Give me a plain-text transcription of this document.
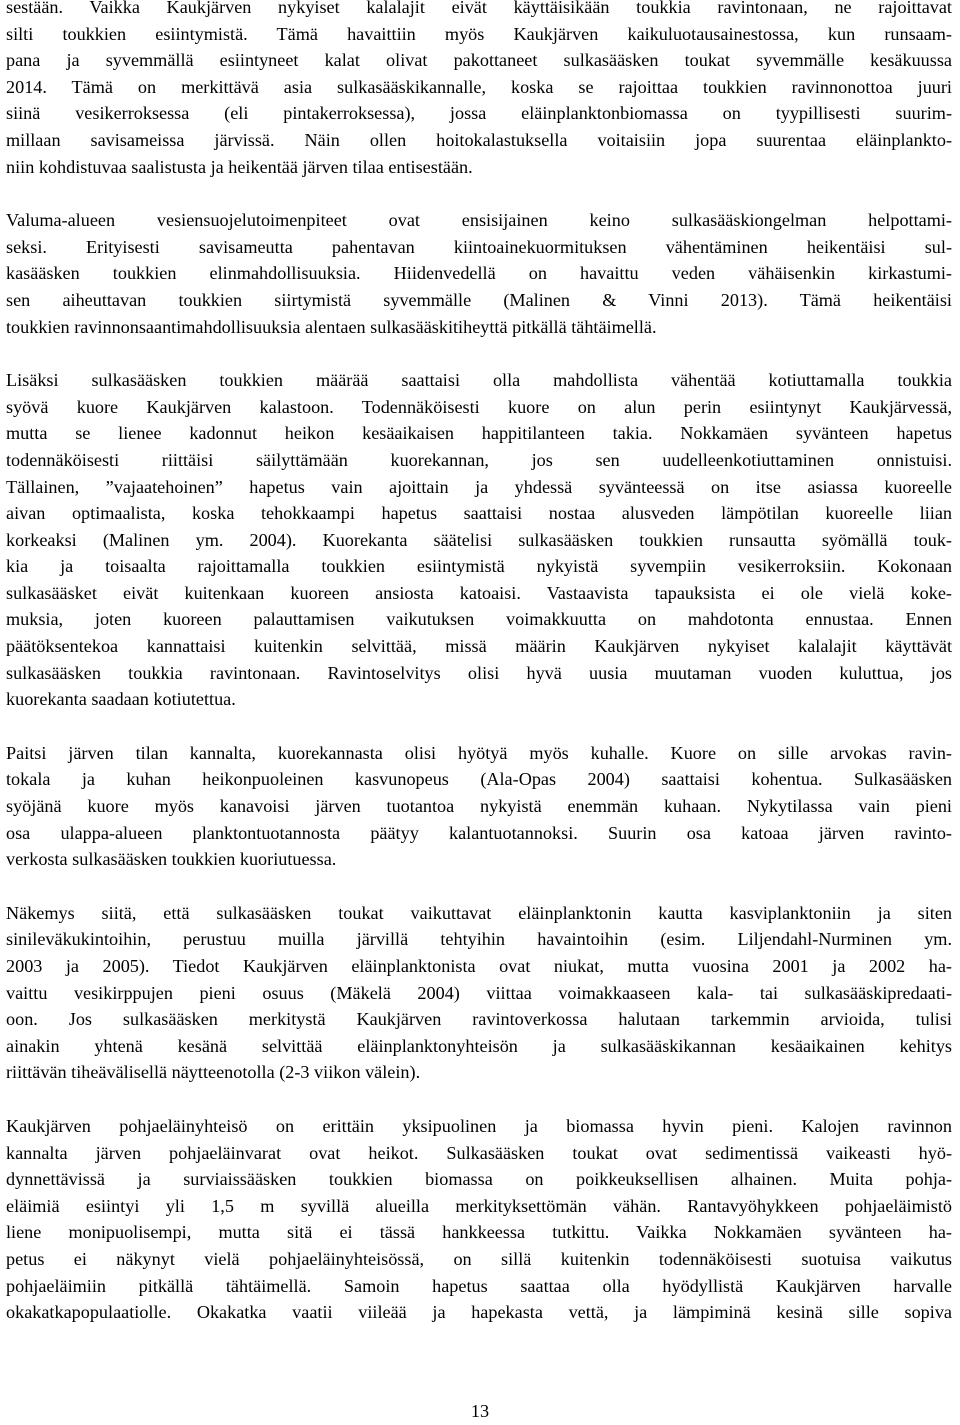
sestään. Vaikka Kaukjärven nykyiset kalalajit eivät käyttäisikään toukkia ravintonaan, ne rajoittavat
silti toukkien esiintymistä. Tämä havaittiin myös Kaukjärven kaikuluotausainestossa, kun runsaam-
pana ja syvemmällä esiintyneet kalat olivat pakottaneet sulkasääsken toukat syvemmälle kesäkuussa
2014. Tämä on merkittävä asia sulkasääskikannalle, koska se rajoittaa toukkien ravinnonottoa juuri
siinä vesikerroksessa (eli pintakerroksessa), jossa eläinplanktonbiomassa on tyypillisesti suurim-
millaan savisameissa järvissä. Näin ollen hoitokalastuksella voitaisiin jopa suurentaa eläinplankto-
niin kohdistuvaa saalistusta ja heikentää järven tilaa entisestään.

Valuma-alueen vesiensuojelutoimenpiteet ovat ensisijainen keino sulkasääskiongelman helpottami-
seksi. Erityisesti savisameutta pahentavan kiintoainekuormituksen vähentäminen heikentäisi sul-
kasääsken toukkien elinmahdollisuuksia. Hiidenvedellä on havaittu veden vähäisenkin kirkastumi-
sen aiheuttavan toukkien siirtymistä syvemmälle (Malinen & Vinni 2013). Tämä heikentäisi
toukkien ravinnonsaantimahdollisuuksia alentaen sulkasääskitiheyttä pitkällä tähtäimellä.

Lisäksi sulkasääsken toukkien määrää saattaisi olla mahdollista vähentää kotiuttamalla toukkia
syövä kuore Kaukjärven kalastoon. Todennäköisesti kuore on alun perin esiintynyt Kaukjärvessä,
mutta se lienee kadonnut heikon kesäaikaisen happitilanteen takia. Nokkamäen syvänteen hapetus
todennäköisesti riittäisi säilyttämään kuorekannan, jos sen uudelleenkotiuttaminen onnistuisi.
Tällainen, ”vajaatehoinen” hapetus vain ajoittain ja yhdessä syvänteessä on itse asiassa kuoreelle
aivan optimaalista, koska tehokkaampi hapetus saattaisi nostaa alusveden lämpötilan kuoreelle liian
korkeaksi (Malinen ym. 2004). Kuorekanta säätelisi sulkasääsken toukkien runsautta syömällä touk-
kia ja toisaalta rajoittamalla toukkien esiintymistä nykyistä syvempiin vesikerroksiin. Kokonaan
sulkasääsket eivät kuitenkaan kuoreen ansiosta katoaisi. Vastaavista tapauksista ei ole vielä koke-
muksia, joten kuoreen palauttamisen vaikutuksen voimakkuutta on mahdotonta ennustaa. Ennen
päätöksentekoa kannattaisi kuitenkin selvittää, missä määrin Kaukjärven nykyiset kalalajit käyttävät
sulkasääsken toukkia ravintonaan. Ravintoselvitys olisi hyvä uusia muutaman vuoden kuluttua, jos
kuorekanta saadaan kotiutettua.

Paitsi järven tilan kannalta, kuorekannasta olisi hyötyä myös kuhalle. Kuore on sille arvokas ravin-
tokala ja kuhan heikonpuoleinen kasvunopeus (Ala-Opas 2004) saattaisi kohentua. Sulkasääsken
syöjänä kuore myös kanavoisi järven tuotantoa nykyistä enemmän kuhaan. Nykytilassa vain pieni
osa ulappa-alueen planktontuotannosta päätyy kalantuotannoksi. Suurin osa katoaa järven ravinto-
verkosta sulkasääsken toukkien kuoriutuessa.

Näkemys siitä, että sulkasääsken toukat vaikuttavat eläinplanktonin kautta kasviplanktoniin ja siten
sinileväkukintoihin, perustuu muilla järvillä tehtyihin havaintoihin (esim. Liljendahl-Nurminen ym.
2003 ja 2005). Tiedot Kaukjärven eläinplanktonista ovat niukat, mutta vuosina 2001 ja 2002 ha-
vaittu vesikirppujen pieni osuus (Mäkelä 2004) viittaa voimakkaaseen kala- tai sulkasääskipredaati-
oon. Jos sulkasääsken merkitystä Kaukjärven ravintoverkossa halutaan tarkemmin arvioida, tulisi
ainakin yhtenä kesänä selvittää eläinplanktonyhteisön ja sulkasääskikannan kesäaikainen kehitys
riittävän tiheävälisellä näytteenotolla (2-3 viikon välein).

Kaukjärven pohjaeläinyhteisö on erittäin yksipuolinen ja biomassa hyvin pieni. Kalojen ravinnon
kannalta järven pohjaeläinvarat ovat heikot. Sulkasääsken toukat ovat sedimentissä vaikeasti hyö-
dynnettävissä ja surviaissääsken toukkien biomassa on poikkeuksellisen alhainen. Muita pohja-
eläimiä esiintyi yli 1,5 m syvillä alueilla merkityksettömän vähän. Rantavyöhykkeen pohjaeläimistö
liene monipuolisempi, mutta sitä ei tässä hankkeessa tutkittu. Vaikka Nokkamäen syvänteen ha-
petus ei näkynyt vielä pohjaeläinyhteisössä, on sillä kuitenkin todennäköisesti suotuisa vaikutus
pohjaeläimiin pitkällä tähtäimellä. Samoin hapetus saattaa olla hyödyllistä Kaukjärven harvalle
okakatkapopulaatiolle. Okakatka vaatii viileää ja hapekasta vettä, ja lämpiminä kesinä sille sopiva

13
